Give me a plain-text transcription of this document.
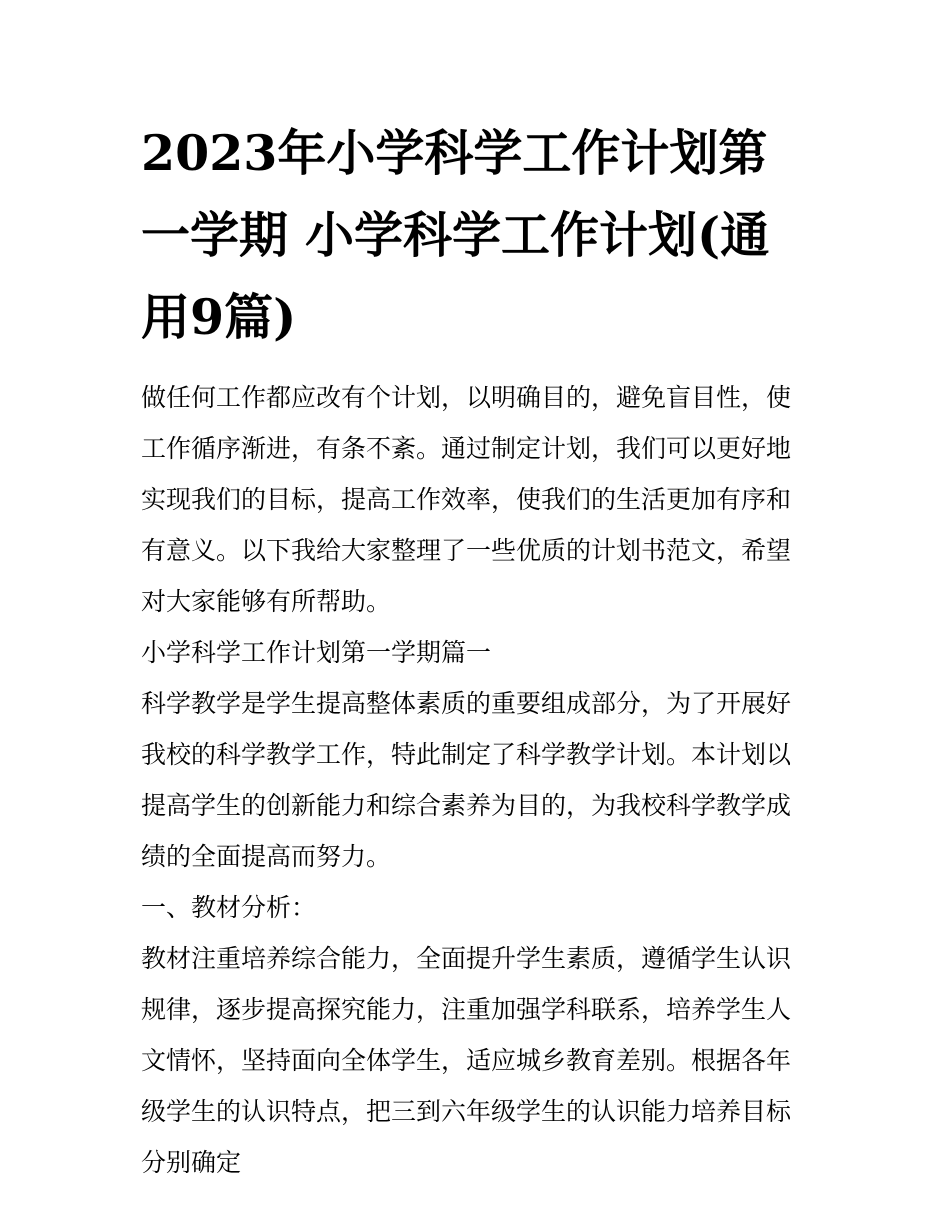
2023年小学科学工作计划第一学期 小学科学工作计划(通用9篇)

做任何工作都应改有个计划，以明确目的，避免盲目性，使工作循序渐进，有条不紊。通过制定计划，我们可以更好地实现我们的目标，提高工作效率，使我们的生活更加有序和有意义。以下我给大家整理了一些优质的计划书范文，希望对大家能够有所帮助。

小学科学工作计划第一学期篇一

科学教学是学生提高整体素质的重要组成部分，为了开展好我校的科学教学工作，特此制定了科学教学计划。本计划以提高学生的创新能力和综合素养为目的，为我校科学教学成绩的全面提高而努力。

一、教材分析：

教材注重培养综合能力，全面提升学生素质，遵循学生认识规律，逐步提高探究能力，注重加强学科联系，培养学生人文情怀，坚持面向全体学生，适应城乡教育差别。根据各年级学生的认识特点，把三到六年级学生的认识能力培养目标分别确定
